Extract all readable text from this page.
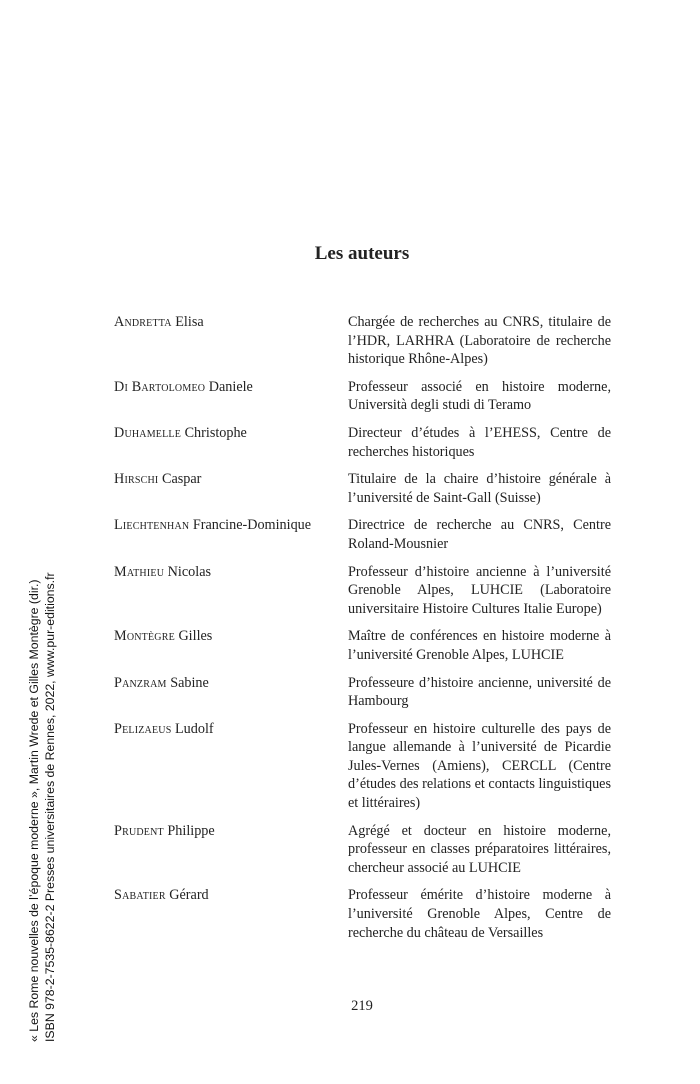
Les auteurs
Andretta Elisa	Chargée de recherches au CNRS, titulaire de l’HDR, LARHRA (Laboratoire de recherche historique Rhône-Alpes)
Di Bartolomeo Daniele	Professeur associé en histoire moderne, Università degli studi di Teramo
Duhamelle Christophe	Directeur d’études à l’EHESS, Centre de recherches historiques
Hirschi Caspar	Titulaire de la chaire d’histoire générale à l’université de Saint-Gall (Suisse)
Liechtenhan Francine-Dominique	Directrice de recherche au CNRS, Centre Roland-Mousnier
Mathieu Nicolas	Professeur d’histoire ancienne à l’université Grenoble Alpes, LUHCIE (Laboratoire universitaire Histoire Cultures Italie Europe)
Montègre Gilles	Maître de conférences en histoire moderne à l’université Grenoble Alpes, LUHCIE
Panzram Sabine	Professeure d’histoire ancienne, université de Hambourg
Pelizaeus Ludolf	Professeur en histoire culturelle des pays de langue allemande à l’université de Picardie Jules-Vernes (Amiens), CERCLL (Centre d’études des relations et contacts linguistiques et littéraires)
Prudent Philippe	Agrégé et docteur en histoire moderne, professeur en classes préparatoires littéraires, chercheur associé au LUHCIE
Sabatier Gérard	Professeur émérite d’histoire moderne à l’université Grenoble Alpes, Centre de recherche du château de Versailles
219
« Les Rome nouvelles de l’époque moderne », Martin Wrede et Gilles Montègre (dir.) ISBN 978-2-7535-8622-2 Presses universitaires de Rennes, 2022, www.pur-editions.fr
